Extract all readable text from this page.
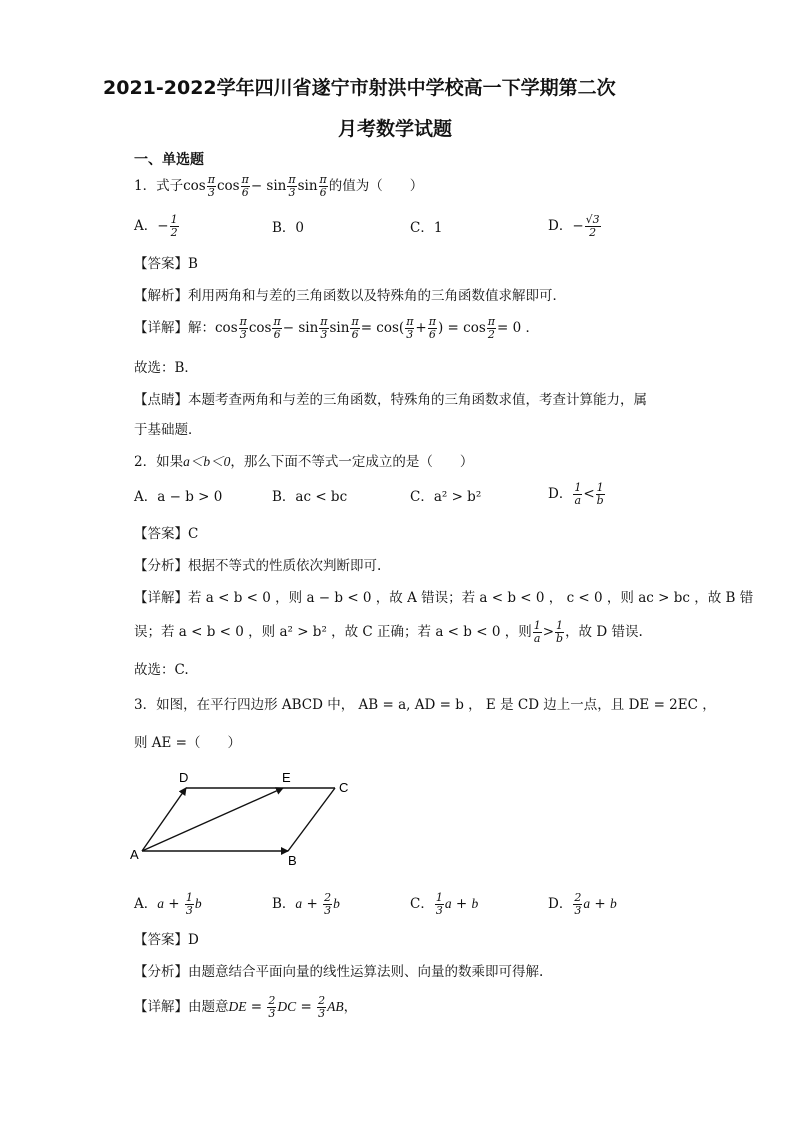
2021-2022学年四川省遂宁市射洪中学校高一下学期第二次
月考数学试题
一、单选题
1．式子$\cos \frac{\pi}{3}$ $\cos \frac{\pi}{6} - \sin \frac{\pi}{3}$ $\sin \frac{\pi}{6}$ 的值为（　　）
A．− $\frac{1}{2}$	B．0	C．1	D．− $\frac{√3}{2}$
【答案】B
【解析】利用两角和与差的三角函数以及特殊角的三角函数值求解即可．
【详解】解：$\cos \frac{\pi}{3}$ $\cos \frac{\pi}{6} - \sin \frac{\pi}{3}$ $\sin \frac{\pi}{6} = \cos( \frac{\pi}{3} + \frac{\pi}{6}$ ) = $\cos \frac{\pi}{2} = 0$ ．
故选：B．
【点睛】本题考查两角和与差的三角函数，特殊角的三角函数求值，考查计算能力，属
于基础题．
2．如果a＜b＜0，那么下面不等式一定成立的是（　　）
A．a − b > 0	B．ac < bc	C．a² > b²	D． $\frac{1}{a} < \frac{1}{b}$
【答案】C
【分析】根据不等式的性质依次判断即可.
【详解】若 a < b < 0 ，则 a − b < 0 ，故 A 错误；若 a < b < 0 ， c < 0 ，则 ac > bc ，故 B 错
误；若 a < b < 0 ，则 a² > b² ，故 C 正确；若 a < b < 0 ，则 $\frac{1}{a} > \frac{1}{b}$ ，故 D 错误.
故选：C.
3．如图，在平行四边形 ABCD 中， AB = a, AD = b ， E 是 CD 边上一点，且 DE = 2EC ，
则 AE =（　　）
A	B
C
D	E
A．$a + \frac{1}{3}$ b	B．$a + \frac{2}{3}$ b	C． $\frac{1}{3}$ a + b	D． $\frac{2}{3}$ a + b
【答案】D
【分析】由题意结合平面向量的线性运算法则、向量的数乘即可得解.
【详解】由题意DE = $\frac{2}{3}$ DC = $\frac{2}{3}$ AB，
